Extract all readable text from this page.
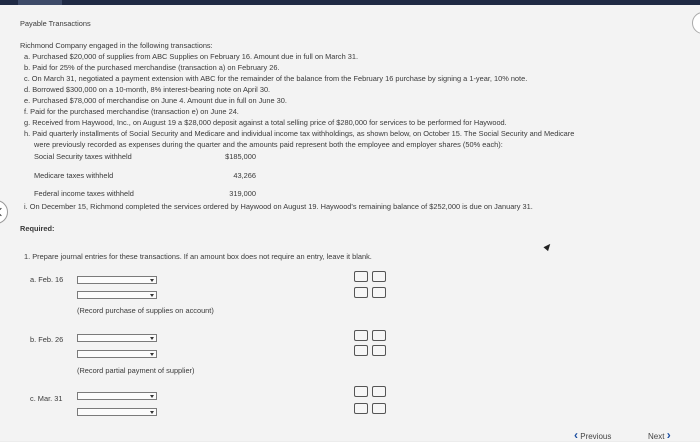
Payable Transactions
Richmond Company engaged in the following transactions:
a. Purchased $20,000 of supplies from ABC Supplies on February 16. Amount due in full on March 31.
b. Paid for 25% of the purchased merchandise (transaction a) on February 26.
c. On March 31, negotiated a payment extension with ABC for the remainder of the balance from the February 16 purchase by signing a 1-year, 10% note.
d. Borrowed $300,000 on a 10-month, 8% interest-bearing note on April 30.
e. Purchased $78,000 of merchandise on June 4. Amount due in full on June 30.
f. Paid for the purchased merchandise (transaction e) on June 24.
g. Received from Haywood, Inc., on August 19 a $28,000 deposit against a total selling price of $280,000 for services to be performed for Haywood.
h. Paid quarterly installments of Social Security and Medicare and individual income tax withholdings, as shown below, on October 15. The Social Security and Medicare
were previously recorded as expenses during the quarter and the amounts paid represent both the employee and employer shares (50% each):
Social Security taxes withheld	$185,000
Medicare taxes withheld	43,266
Federal income taxes withheld	319,000
i. On December 15, Richmond completed the services ordered by Haywood on August 19. Haywood's remaining balance of $252,000 is due on January 31.
Required:
1. Prepare journal entries for these transactions. If an amount box does not require an entry, leave it blank.
a. Feb. 16
(Record purchase of supplies on account)
b. Feb. 26
(Record partial payment of supplier)
c. Mar. 31
‹ Previous	Next ›
